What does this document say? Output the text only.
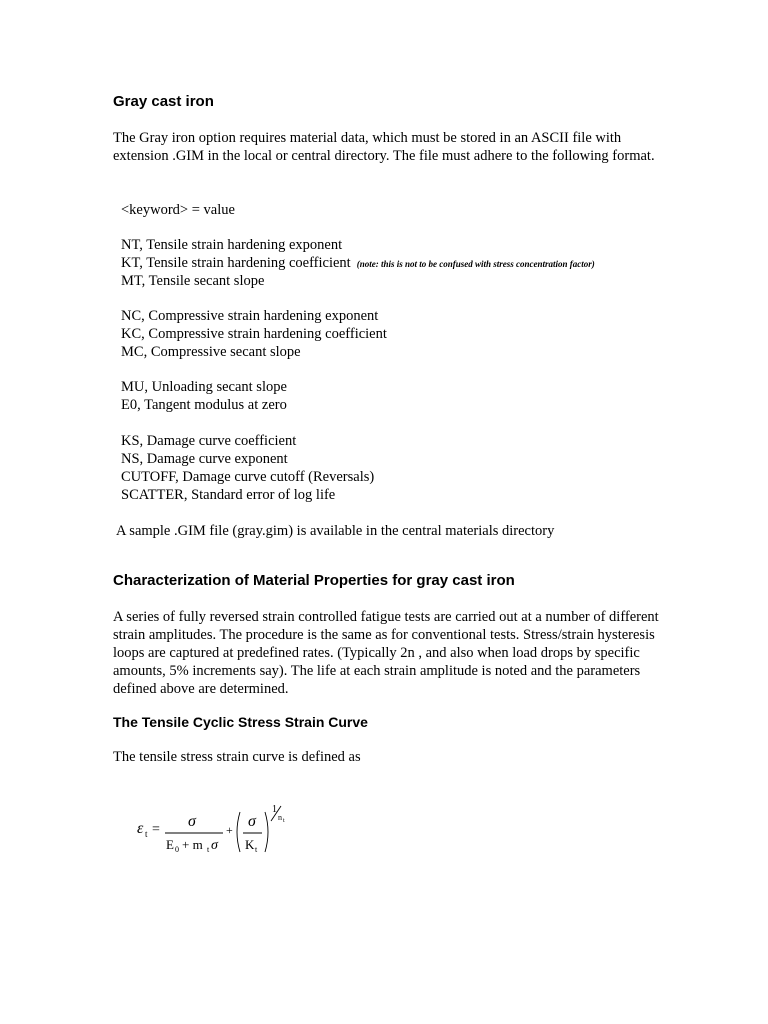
Gray cast iron

The Gray iron option requires material data, which must be stored in an ASCII file with extension .GIM in the local or central directory. The file must adhere to the following format.

<keyword> = value
NT, Tensile strain hardening exponent
KT, Tensile strain hardening coefficient (note: this is not to be confused with stress concentration factor)
MT, Tensile secant slope
NC, Compressive strain hardening exponent
KC, Compressive strain hardening coefficient
MC, Compressive secant slope
MU, Unloading secant slope
E0, Tangent modulus at zero
KS, Damage curve coefficient
NS, Damage curve exponent
CUTOFF, Damage curve cutoff (Reversals)
SCATTER, Standard error of log life
A sample .GIM file (gray.gim) is available in the central materials directory
Characterization of Material Properties for gray cast iron

A series of fully reversed strain controlled fatigue tests are carried out at a number of different strain amplitudes. The procedure is the same as for conventional tests. Stress/strain hysteresis loops are captured at predefined rates. (Typically 2n , and also when load drops by specific amounts, 5% increments say). The life at each strain amplitude is noted and the parameters defined above are determined.

The Tensile Cyclic Stress Strain Curve

The tensile stress strain curve is defined as

ε t = σ
E 0 + m t σ
+ σ
K t
1
n t
